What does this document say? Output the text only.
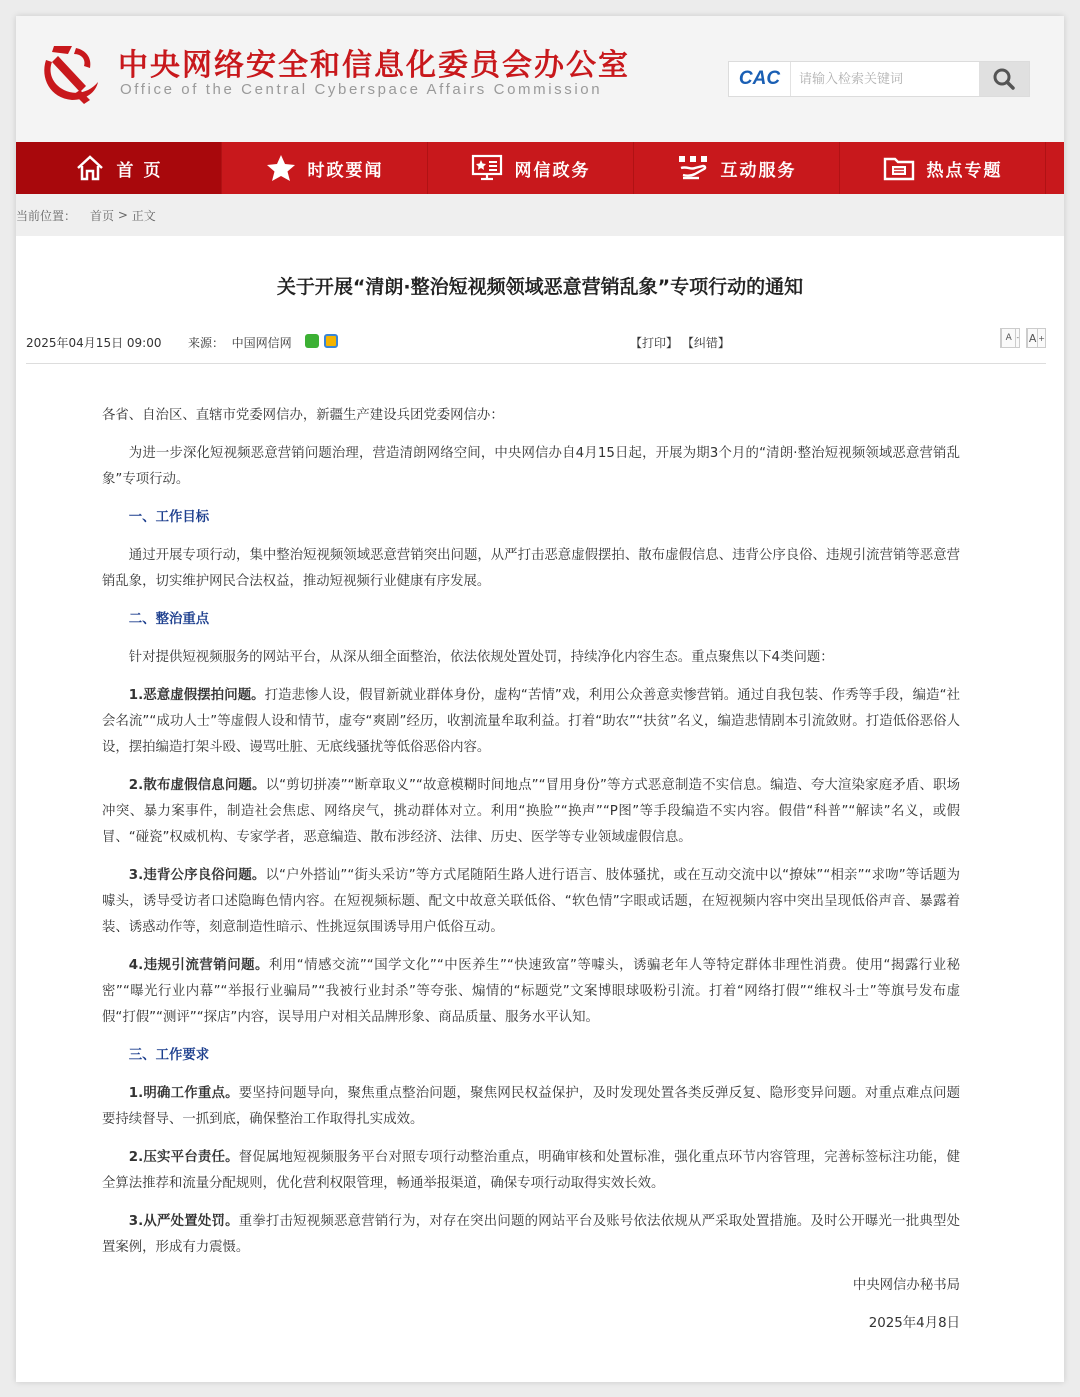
中央网络安全和信息化委员会办公室
Office of the Central Cyberspace Affairs Commission
CAC
请输入检索关键词
首 页	时政要闻	网信政务	互动服务	热点专题
当前位置： 首页 > 正文
关于开展“清朗·整治短视频领域恶意营销乱象”专项行动的通知
2025年04月15日 09:00 来源： 中国网信网	【打印】 【纠错】	A - A +

各省、自治区、直辖市党委网信办，新疆生产建设兵团党委网信办：

为进一步深化短视频恶意营销问题治理，营造清朗网络空间，中央网信办自4月15日起，开展为期3个月的“清朗·整治短视频领域恶意营销乱象”专项行动。

一、工作目标

通过开展专项行动，集中整治短视频领域恶意营销突出问题，从严打击恶意虚假摆拍、散布虚假信息、违背公序良俗、违规引流营销等恶意营销乱象，切实维护网民合法权益，推动短视频行业健康有序发展。

二、整治重点

针对提供短视频服务的网站平台，从深从细全面整治，依法依规处置处罚，持续净化内容生态。重点聚焦以下4类问题：

1.恶意虚假摆拍问题。打造悲惨人设，假冒新就业群体身份，虚构“苦情”戏，利用公众善意卖惨营销。通过自我包装、作秀等手段，编造“社会名流”“成功人士”等虚假人设和情节，虚夸“爽剧”经历，收割流量牟取利益。打着“助农”“扶贫”名义，编造悲情剧本引流敛财。打造低俗恶俗人设，摆拍编造打架斗殴、谩骂吐脏、无底线骚扰等低俗恶俗内容。

2.散布虚假信息问题。以“剪切拼凑”“断章取义”“故意模糊时间地点”“冒用身份”等方式恶意制造不实信息。编造、夸大渲染家庭矛盾、职场冲突、暴力案事件，制造社会焦虑、网络戾气，挑动群体对立。利用“换脸”“换声”“P图”等手段编造不实内容。假借“科普”“解读”名义，或假冒、“碰瓷”权威机构、专家学者，恶意编造、散布涉经济、法律、历史、医学等专业领域虚假信息。

3.违背公序良俗问题。以“户外搭讪”“街头采访”等方式尾随陌生路人进行语言、肢体骚扰，或在互动交流中以“撩妹”“相亲”“求吻”等话题为噱头，诱导受访者口述隐晦色情内容。在短视频标题、配文中故意关联低俗、“软色情”字眼或话题，在短视频内容中突出呈现低俗声音、暴露着装、诱惑动作等，刻意制造性暗示、性挑逗氛围诱导用户低俗互动。

4.违规引流营销问题。利用“情感交流”“国学文化”“中医养生”“快速致富”等噱头，诱骗老年人等特定群体非理性消费。使用“揭露行业秘密”“曝光行业内幕”“举报行业骗局”“我被行业封杀”等夸张、煽情的“标题党”文案博眼球吸粉引流。打着“网络打假”“维权斗士”等旗号发布虚假“打假”“测评”“探店”内容，误导用户对相关品牌形象、商品质量、服务水平认知。

三、工作要求

1.明确工作重点。要坚持问题导向，聚焦重点整治问题，聚焦网民权益保护，及时发现处置各类反弹反复、隐形变异问题。对重点难点问题要持续督导、一抓到底，确保整治工作取得扎实成效。

2.压实平台责任。督促属地短视频服务平台对照专项行动整治重点，明确审核和处置标准，强化重点环节内容管理，完善标签标注功能，健全算法推荐和流量分配规则，优化营利权限管理，畅通举报渠道，确保专项行动取得实效长效。

3.从严处置处罚。重拳打击短视频恶意营销行为，对存在突出问题的网站平台及账号依法依规从严采取处置措施。及时公开曝光一批典型处置案例，形成有力震慑。

中央网信办秘书局

2025年4月8日
